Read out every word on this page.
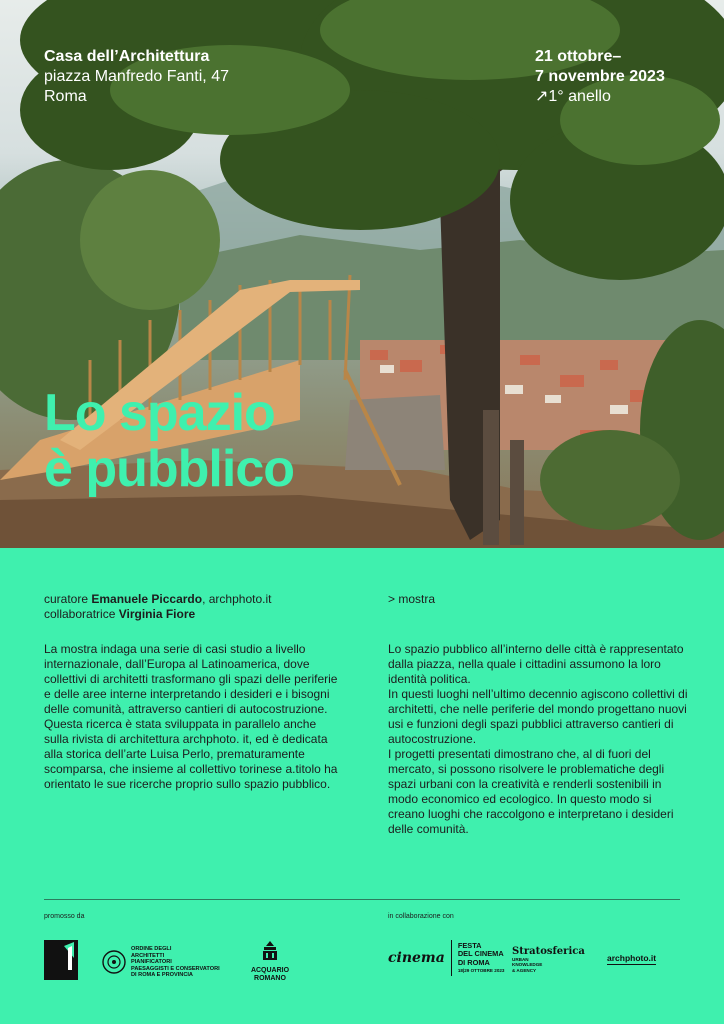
Casa dell’Architettura
piazza Manfredo Fanti, 47
Roma
21 ottobre–
7 novembre 2023
↗1° anello
Lo spazio
è pubblico
curatore Emanuele Piccardo, archphoto.it
collaboratrice Virginia Fiore
> mostra
La mostra indaga una serie di casi studio a livello internazionale, dall’Europa al Latinoamerica, dove collettivi di architetti trasformano gli spazi delle periferie e delle aree interne interpretando i desideri e i bisogni delle comunità, attraverso cantieri di autocostruzione. Questa ricerca è stata sviluppata in parallelo anche sulla rivista di architettura archphoto. it, ed è dedicata alla storica dell’arte Luisa Perlo, prematuramente scomparsa, che insieme al collettivo torinese a.titolo ha orientato le sue ricerche proprio sullo spazio pubblico.

Lo spazio pubblico all’interno delle città è rappresentato dalla piazza, nella quale i cittadini assumono la loro identità politica.

In questi luoghi nell’ultimo decennio agiscono collettivi di architetti, che nelle periferie del mondo progettano nuovi usi e funzioni degli spazi pubblici attraverso cantieri di autocostruzione.

I progetti presentati dimostrano che, al di fuori del mercato, si possono risolvere le problematiche degli spazi urbani con la creatività e renderli sostenibili in modo economico ed ecologico. In questo modo si creano luoghi che raccolgono e interpretano i desideri delle comunità.

promosso da	in collaborazione con
ORDINE DEGLI
ARCHITETTI
PIANIFICATORI
PAESAGGISTI E CONSERVATORI
DI ROMA E PROVINCIA
ACQUARIO
ROMANO
cinema
FESTA
DEL CINEMA
DI ROMA
18|29 OTTOBRE 2023
Stratosferica
URBAN
KNOWLEDGE
& AGENCY
archphoto.it
